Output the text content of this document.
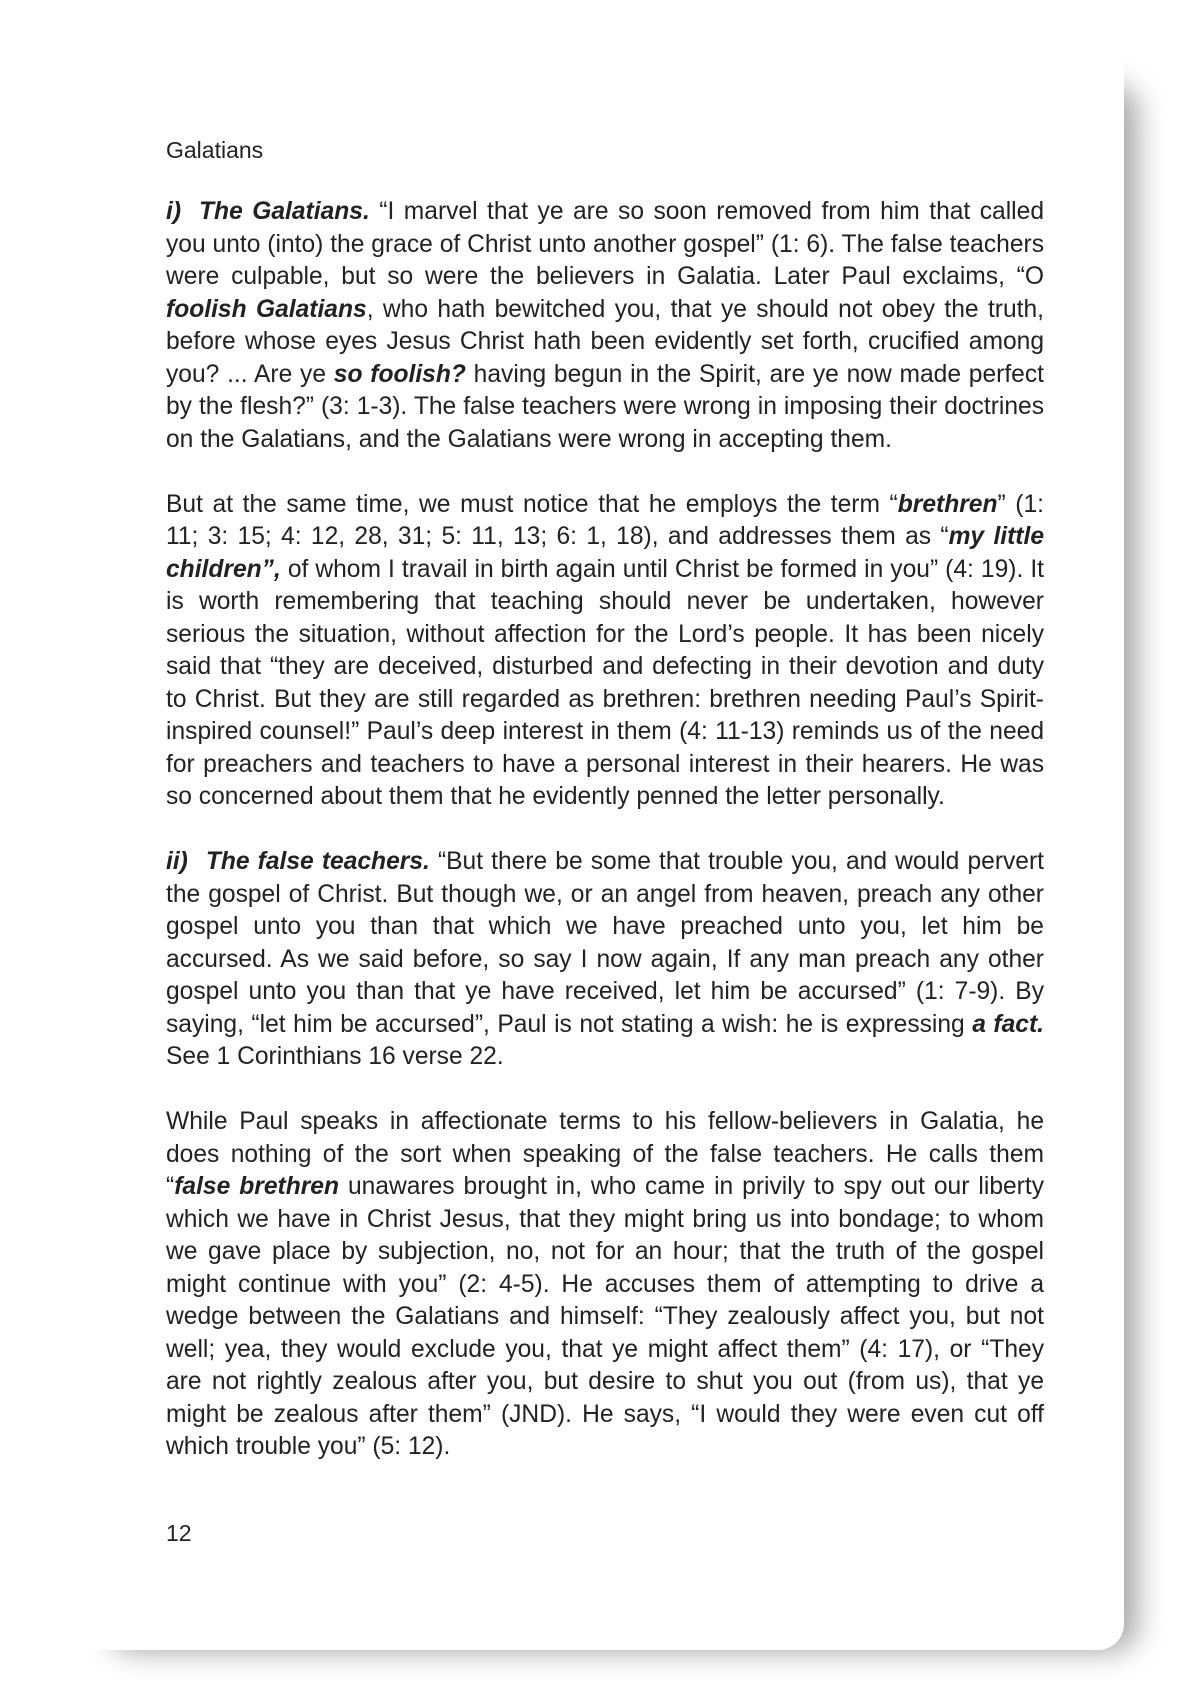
Galatians

i) The Galatians. “I marvel that ye are so soon removed from him that called you unto (into) the grace of Christ unto another gospel” (1: 6). The false teachers were culpable, but so were the believers in Galatia. Later Paul exclaims, “O foolish Galatians, who hath bewitched you, that ye should not obey the truth, before whose eyes Jesus Christ hath been evidently set forth, crucified among you? ... Are ye so foolish? having begun in the Spirit, are ye now made perfect by the flesh?” (3: 1-3). The false teachers were wrong in imposing their doctrines on the Galatians, and the Galatians were wrong in accepting them.

But at the same time, we must notice that he employs the term “brethren” (1: 11; 3: 15; 4: 12, 28, 31; 5: 11, 13; 6: 1, 18), and addresses them as “my little children”, of whom I travail in birth again until Christ be formed in you” (4: 19). It is worth remembering that teaching should never be undertaken, however serious the situation, without affection for the Lord’s people. It has been nicely said that “they are deceived, disturbed and defecting in their devotion and duty to Christ. But they are still regarded as brethren: brethren needing Paul’s Spirit-inspired counsel!” Paul’s deep interest in them (4: 11-13) reminds us of the need for preachers and teachers to have a personal interest in their hearers. He was so concerned about them that he evidently penned the letter personally.

ii) The false teachers. “But there be some that trouble you, and would pervert the gospel of Christ. But though we, or an angel from heaven, preach any other gospel unto you than that which we have preached unto you, let him be accursed. As we said before, so say I now again, If any man preach any other gospel unto you than that ye have received, let him be accursed” (1: 7-9). By saying, “let him be accursed”, Paul is not stating a wish: he is expressing a fact. See 1 Corinthians 16 verse 22.

While Paul speaks in affectionate terms to his fellow-believers in Galatia, he does nothing of the sort when speaking of the false teachers. He calls them “false brethren unawares brought in, who came in privily to spy out our liberty which we have in Christ Jesus, that they might bring us into bondage; to whom we gave place by subjection, no, not for an hour; that the truth of the gospel might continue with you” (2: 4-5). He accuses them of attempting to drive a wedge between the Galatians and himself: “They zealously affect you, but not well; yea, they would exclude you, that ye might affect them” (4: 17), or “They are not rightly zealous after you, but desire to shut you out (from us), that ye might be zealous after them” (JND). He says, “I would they were even cut off which trouble you” (5: 12).

12
